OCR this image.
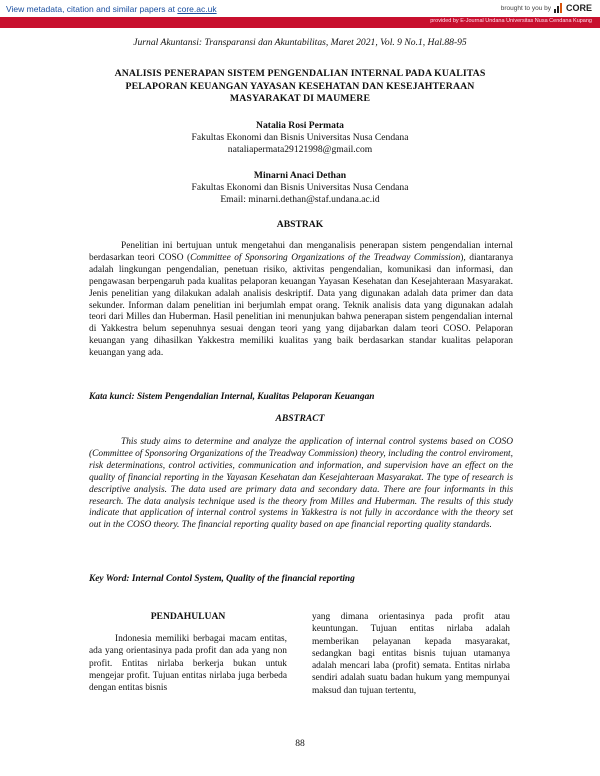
View metadata, citation and similar papers at core.ac.uk	brought to you by CORE
provided by E-Journal Undana Universitas Nusa Cendana Kupang
Jurnal Akuntansi: Transparansi dan Akuntabilitas, Maret 2021, Vol. 9 No.1, Hal.88-95
ANALISIS PENERAPAN SISTEM PENGENDALIAN INTERNAL PADA KUALITAS
PELAPORAN KEUANGAN YAYASAN KESEHATAN DAN KESEJAHTERAAN
MASYARAKAT DI MAUMERE
Natalia Rosi Permata
Fakultas Ekonomi dan Bisnis Universitas Nusa Cendana
nataliapermata29121998@gmail.com
Minarni Anaci Dethan
Fakultas Ekonomi dan Bisnis Universitas Nusa Cendana
Email: minarni.dethan@staf.undana.ac.id
ABSTRAK
Penelitian ini bertujuan untuk mengetahui dan menganalisis penerapan sistem pengendalian internal berdasarkan teori COSO (Committee of Sponsoring Organizations of the Treadway Commission), diantaranya adalah lingkungan pengendalian, penetuan risiko, aktivitas pengendalian, komunikasi dan informasi, dan pengawasan berpengaruh pada kualitas pelaporan keuangan Yayasan Kesehatan dan Kesejahteraan Masyarakat. Jenis penelitian yang dilakukan adalah analisis deskriptif. Data yang digunakan adalah data primer dan data sekunder. Informan dalam penelitian ini berjumlah empat orang. Teknik analisis data yang digunakan adalah teori dari Milles dan Huberman. Hasil penelitian ini menunjukan bahwa penerapan sistem pengendalian internal di Yakkestra belum sepenuhnya sesuai dengan teori yang yang dijabarkan dalam teori COSO. Pelaporan keuangan yang dihasilkan Yakkestra memiliki kualitas yang baik berdasarkan standar kualitas pelaporan keuangan yang ada.
Kata kunci: Sistem Pengendalian Internal, Kualitas Pelaporan Keuangan
ABSTRACT
This study aims to determine and analyze the application of internal control systems based on COSO (Committee of Sponsoring Organizations of the Treadway Commission) theory, including the control enviroment, risk determinations, control activities, communication and information, and supervision have an effect on the quality of financial reporting in the Yayasan Kesehatan dan Kesejahteraan Masyarakat. The type of research is descriptive analysis. The data used are primary data and secondary data. There are four informants in this research. The data analysis technique used is the theory from Milles and Huberman. The results of this study indicate that application of internal control systems in Yakkestra is not fully in accordance with the theory set out in the COSO theory. The financial reporting quality based on ape financial reporting quality standards.
Key Word: Internal Contol System, Quality of the financial reporting
PENDAHULUAN
Indonesia memiliki berbagai macam entitas, ada yang orientasinya pada profit dan ada yang non profit. Entitas nirlaba berkerja bukan untuk mengejar profit. Tujuan entitas nirlaba juga berbeda dengan entitas bisnis
yang dimana orientasinya pada profit atau keuntungan. Tujuan entitas nirlaba adalah memberikan pelayanan kepada masyarakat, sedangkan bagi entitas bisnis tujuan utamanya adalah mencari laba (profit) semata. Entitas nirlaba sendiri adalah suatu badan hukum yang mempunyai maksud dan tujuan tertentu,
88
